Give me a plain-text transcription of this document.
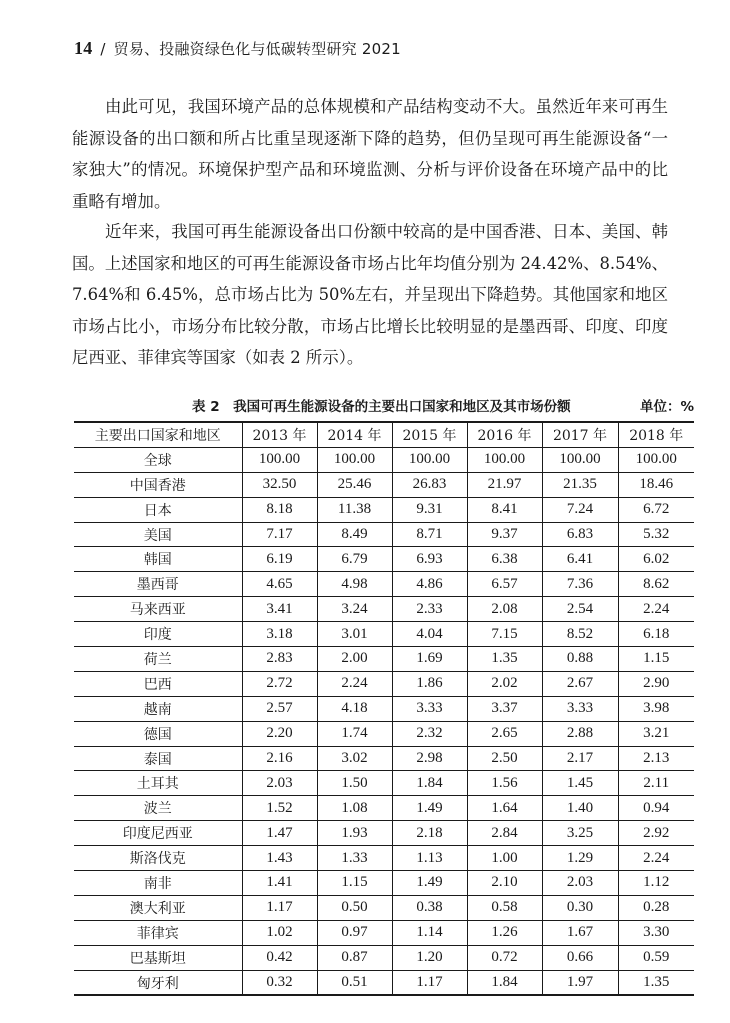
14 / 贸易、投融资绿色化与低碳转型研究 2021

由此可见，我国环境产品的总体规模和产品结构变动不大。虽然近年来可再生能源设备的出口额和所占比重呈现逐渐下降的趋势，但仍呈现可再生能源设备“一家独大”的情况。环境保护型产品和环境监测、分析与评价设备在环境产品中的比重略有增加。

近年来，我国可再生能源设备出口份额中较高的是中国香港、日本、美国、韩国。上述国家和地区的可再生能源设备市场占比年均值分别为 24.42%、8.54%、7.64%和 6.45%，总市场占比为 50%左右，并呈现出下降趋势。其他国家和地区市场占比小，市场分布比较分散，市场占比增长比较明显的是墨西哥、印度、印度尼西亚、菲律宾等国家（如表 2 所示）。

表 2　我国可再生能源设备的主要出口国家和地区及其市场份额	单位：%
主要出口国家和地区	2013 年	2014 年	2015 年	2016 年	2017 年	2018 年
全球	100.00	100.00	100.00	100.00	100.00	100.00
中国香港	32.50	25.46	26.83	21.97	21.35	18.46
日本	8.18	11.38	9.31	8.41	7.24	6.72
美国	7.17	8.49	8.71	9.37	6.83	5.32
韩国	6.19	6.79	6.93	6.38	6.41	6.02
墨西哥	4.65	4.98	4.86	6.57	7.36	8.62
马来西亚	3.41	3.24	2.33	2.08	2.54	2.24
印度	3.18	3.01	4.04	7.15	8.52	6.18
荷兰	2.83	2.00	1.69	1.35	0.88	1.15
巴西	2.72	2.24	1.86	2.02	2.67	2.90
越南	2.57	4.18	3.33	3.37	3.33	3.98
德国	2.20	1.74	2.32	2.65	2.88	3.21
泰国	2.16	3.02	2.98	2.50	2.17	2.13
土耳其	2.03	1.50	1.84	1.56	1.45	2.11
波兰	1.52	1.08	1.49	1.64	1.40	0.94
印度尼西亚	1.47	1.93	2.18	2.84	3.25	2.92
斯洛伐克	1.43	1.33	1.13	1.00	1.29	2.24
南非	1.41	1.15	1.49	2.10	2.03	1.12
澳大利亚	1.17	0.50	0.38	0.58	0.30	0.28
菲律宾	1.02	0.97	1.14	1.26	1.67	3.30
巴基斯坦	0.42	0.87	1.20	0.72	0.66	0.59
匈牙利	0.32	0.51	1.17	1.84	1.97	1.35
